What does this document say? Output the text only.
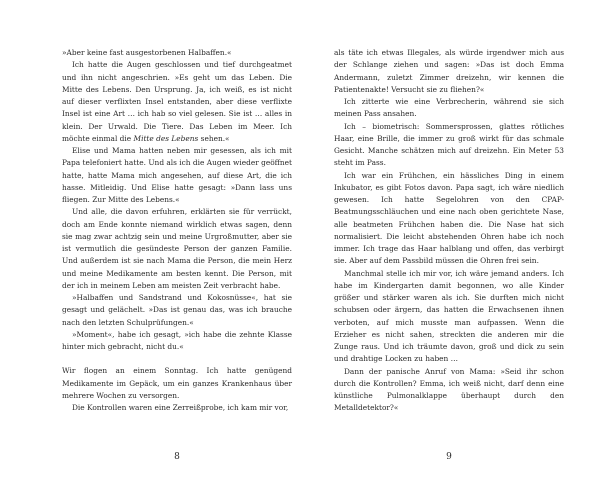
»Aber keine fast ausgestorbenen Halbaffen.«

Ich hatte die Augen geschlossen und tief durchgeatmet und ihn nicht angeschrien. »Es geht um das Leben. Die Mitte des Lebens. Den Ursprung. Ja, ich weiß, es ist nicht auf dieser verflixten Insel entstanden, aber diese verflixte Insel ist eine Art … ich hab so viel gelesen. Sie ist … alles in klein. Der Urwald. Die Tiere. Das Leben im Meer. Ich möchte einmal die Mitte des Lebens sehen.«

Elise und Mama hatten neben mir gesessen, als ich mit Papa telefoniert hatte. Und als ich die Augen wieder geöffnet hatte, hatte Mama mich angesehen, auf diese Art, die ich hasse. Mitleidig. Und Elise hatte gesagt: »Dann lass uns fliegen. Zur Mitte des Lebens.«

Und alle, die davon erfuhren, erklärten sie für verrückt, doch am Ende konnte niemand wirklich etwas sagen, denn sie mag zwar achtzig sein und meine Urgroßmutter, aber sie ist vermutlich die gesündeste Person der ganzen Familie. Und außerdem ist sie nach Mama die Person, die mein Herz und meine Medikamente am besten kennt. Die Person, mit der ich in meinem Leben am meisten Zeit verbracht habe.

»Halbaffen und Sandstrand und Kokosnüsse«, hat sie gesagt und gelächelt. »Das ist genau das, was ich brauche nach den letzten Schulprüfungen.«

»Moment«, habe ich gesagt, »ich habe die zehnte Klasse hinter mich gebracht, nicht du.«

Wir flogen an einem Sonntag. Ich hatte genügend Medikamente im Gepäck, um ein ganzes Krankenhaus über mehrere Wochen zu versorgen.

Die Kontrollen waren eine Zerreißprobe, ich kam mir vor,

8

als täte ich etwas Illegales, als würde irgendwer mich aus der Schlange ziehen und sagen: »Das ist doch Emma Andermann, zuletzt Zimmer dreizehn, wir kennen die Patientenakte! Versucht sie zu fliehen?«

Ich zitterte wie eine Verbrecherin, während sie sich meinen Pass ansahen.

Ich – biometrisch: Sommersprossen, glattes rötliches Haar, eine Brille, die immer zu groß wirkt für das schmale Gesicht. Manche schätzen mich auf dreizehn. Ein Meter 53 steht im Pass.

Ich war ein Frühchen, ein hässliches Ding in einem Inkubator, es gibt Fotos davon. Papa sagt, ich wäre niedlich gewesen. Ich hatte Segelohren von den CPAP-Beatmungsschläuchen und eine nach oben gerichtete Nase, alle beatmeten Frühchen haben die. Die Nase hat sich normalisiert. Die leicht abstehenden Ohren habe ich noch immer. Ich trage das Haar halblang und offen, das verbirgt sie. Aber auf dem Passbild müssen die Ohren frei sein.

Manchmal stelle ich mir vor, ich wäre jemand anders. Ich habe im Kindergarten damit begonnen, wo alle Kinder größer und stärker waren als ich. Sie durften mich nicht schubsen oder ärgern, das hatten die Erwachsenen ihnen verboten, auf mich musste man aufpassen. Wenn die Erzieher es nicht sahen, streckten die anderen mir die Zunge raus. Und ich träumte davon, groß und dick zu sein und drahtige Locken zu haben …

Dann der panische Anruf von Mama: »Seid ihr schon durch die Kontrollen? Emma, ich weiß nicht, darf denn eine künstliche Pulmonalklappe überhaupt durch den Metalldetektor?«

9
